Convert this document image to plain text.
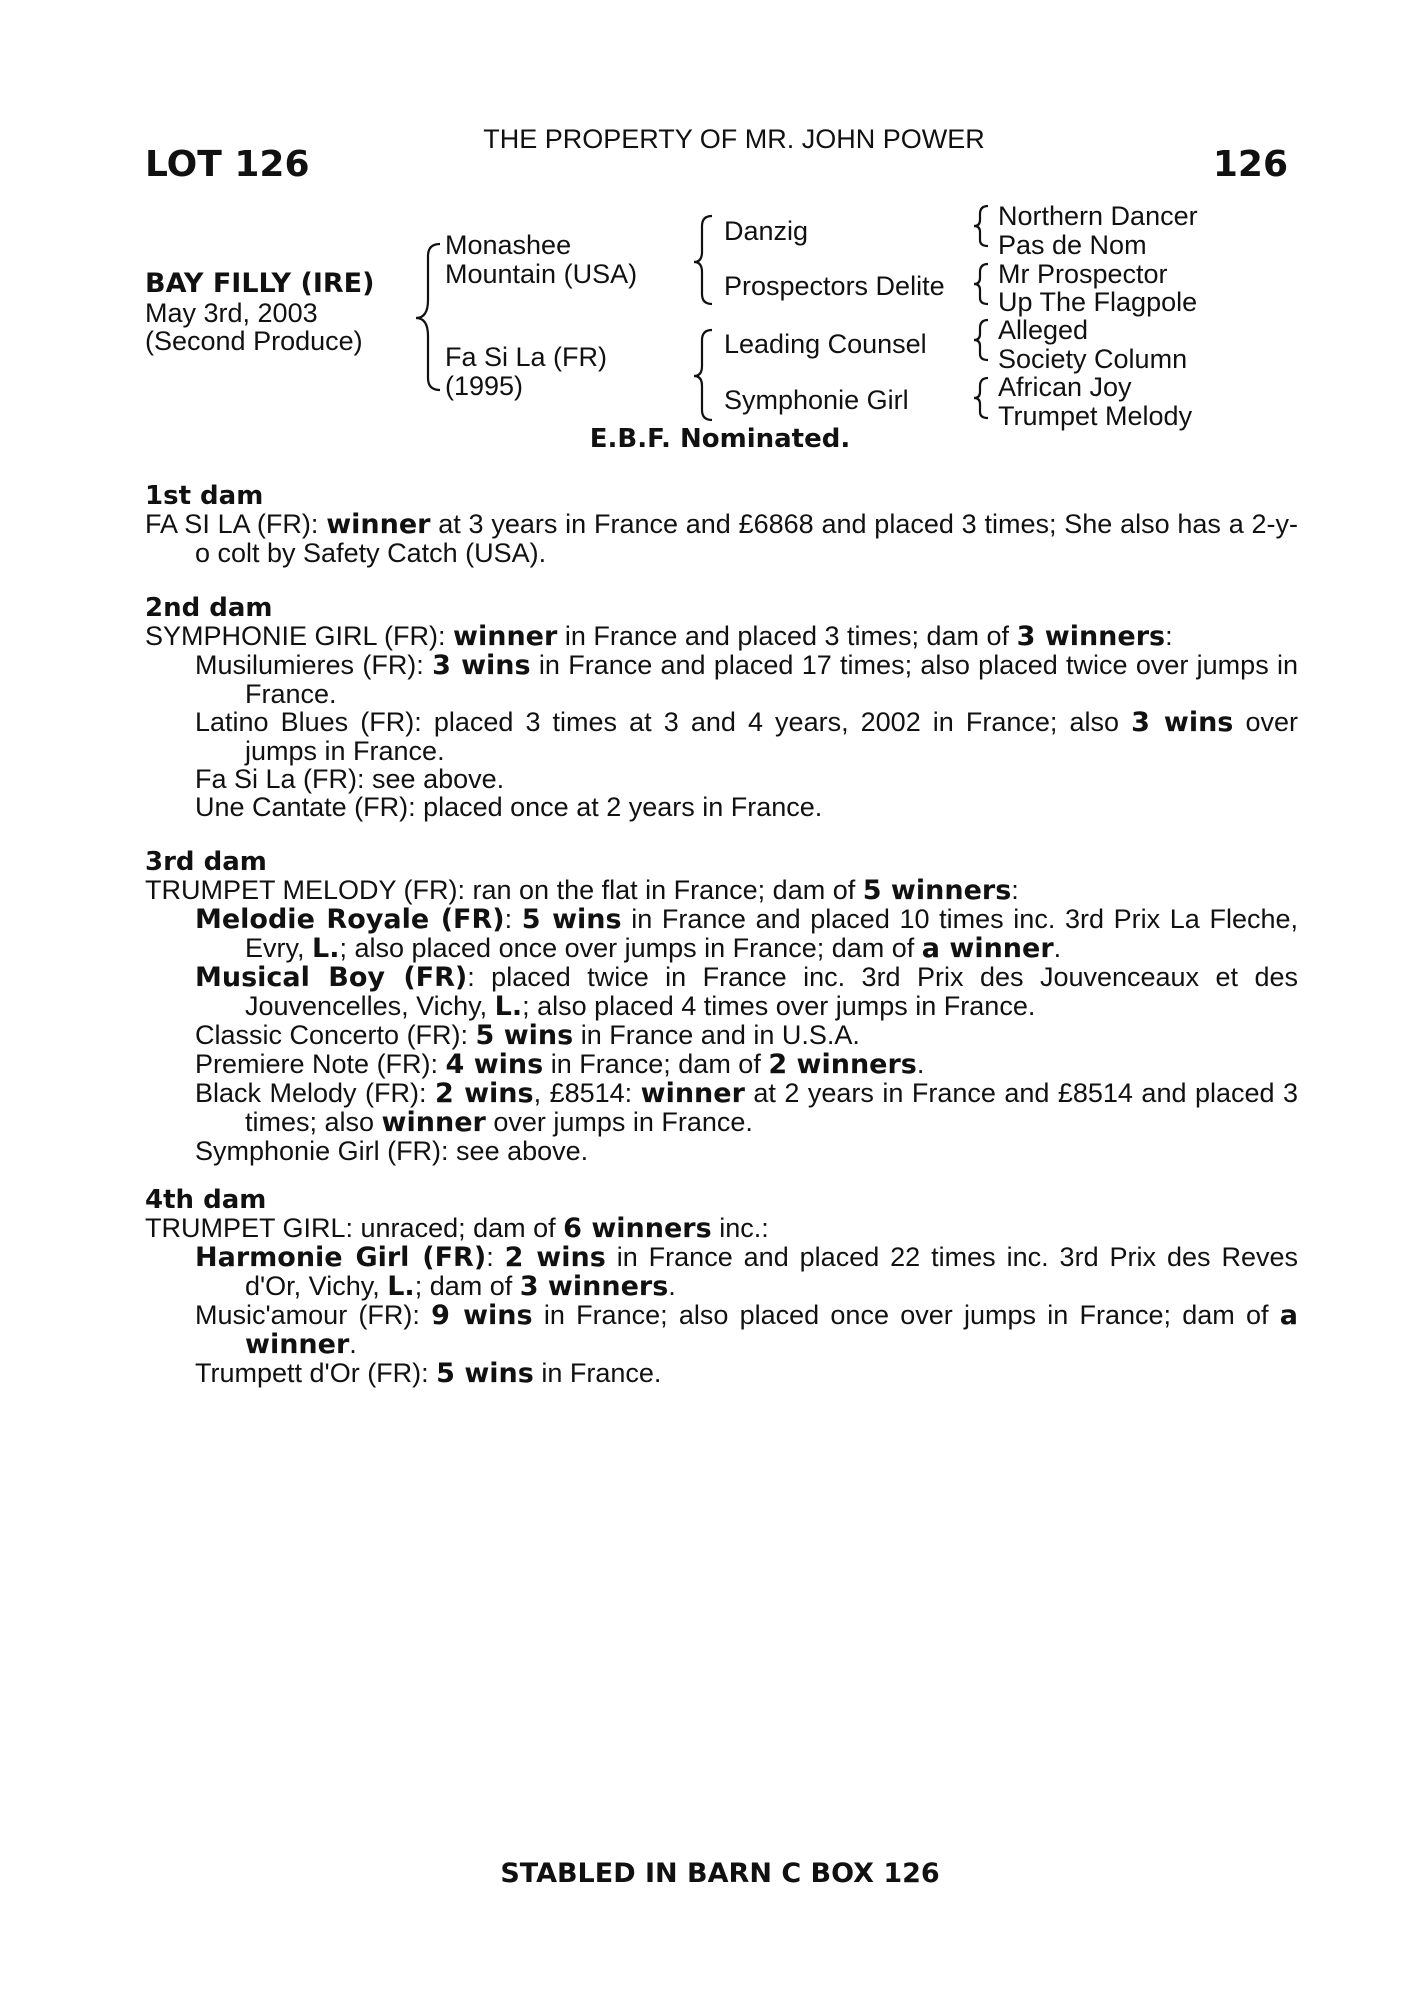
THE PROPERTY OF MR. JOHN POWER
LOT 126	126
BAY FILLY (IRE)
May 3rd, 2003
(Second Produce)
Monashee
Mountain (USA)
Fa Si La (FR)
(1995)
Danzig
Prospectors Delite
Leading Counsel
Symphonie Girl
Northern Dancer
Pas de Nom
Mr Prospector
Up The Flagpole
Alleged
Society Column
African Joy
Trumpet Melody
E.B.F. Nominated.

1st dam

FA SI LA (FR): winner at 3 years in France and £6868 and placed 3 times; She also has a 2-y-o colt by Safety Catch (USA).

2nd dam

SYMPHONIE GIRL (FR): winner in France and placed 3 times; dam of 3 winners:

Musilumieres (FR): 3 wins in France and placed 17 times; also placed twice over jumps in France.

Latino Blues (FR): placed 3 times at 3 and 4 years, 2002 in France; also 3 wins over jumps in France.

Fa Si La (FR): see above.

Une Cantate (FR): placed once at 2 years in France.

3rd dam

TRUMPET MELODY (FR): ran on the flat in France; dam of 5 winners:

Melodie Royale (FR): 5 wins in France and placed 10 times inc. 3rd Prix La Fleche, Evry, L.; also placed once over jumps in France; dam of a winner.

Musical Boy (FR): placed twice in France inc. 3rd Prix des Jouvenceaux et des Jouvencelles, Vichy, L.; also placed 4 times over jumps in France.

Classic Concerto (FR): 5 wins in France and in U.S.A.

Premiere Note (FR): 4 wins in France; dam of 2 winners.

Black Melody (FR): 2 wins, £8514: winner at 2 years in France and £8514 and placed 3 times; also winner over jumps in France.

Symphonie Girl (FR): see above.

4th dam

TRUMPET GIRL: unraced; dam of 6 winners inc.:

Harmonie Girl (FR): 2 wins in France and placed 22 times inc. 3rd Prix des Reves d'Or, Vichy, L.; dam of 3 winners.

Music'amour (FR): 9 wins in France; also placed once over jumps in France; dam of a winner.

Trumpett d'Or (FR): 5 wins in France.

STABLED IN BARN C BOX 126
